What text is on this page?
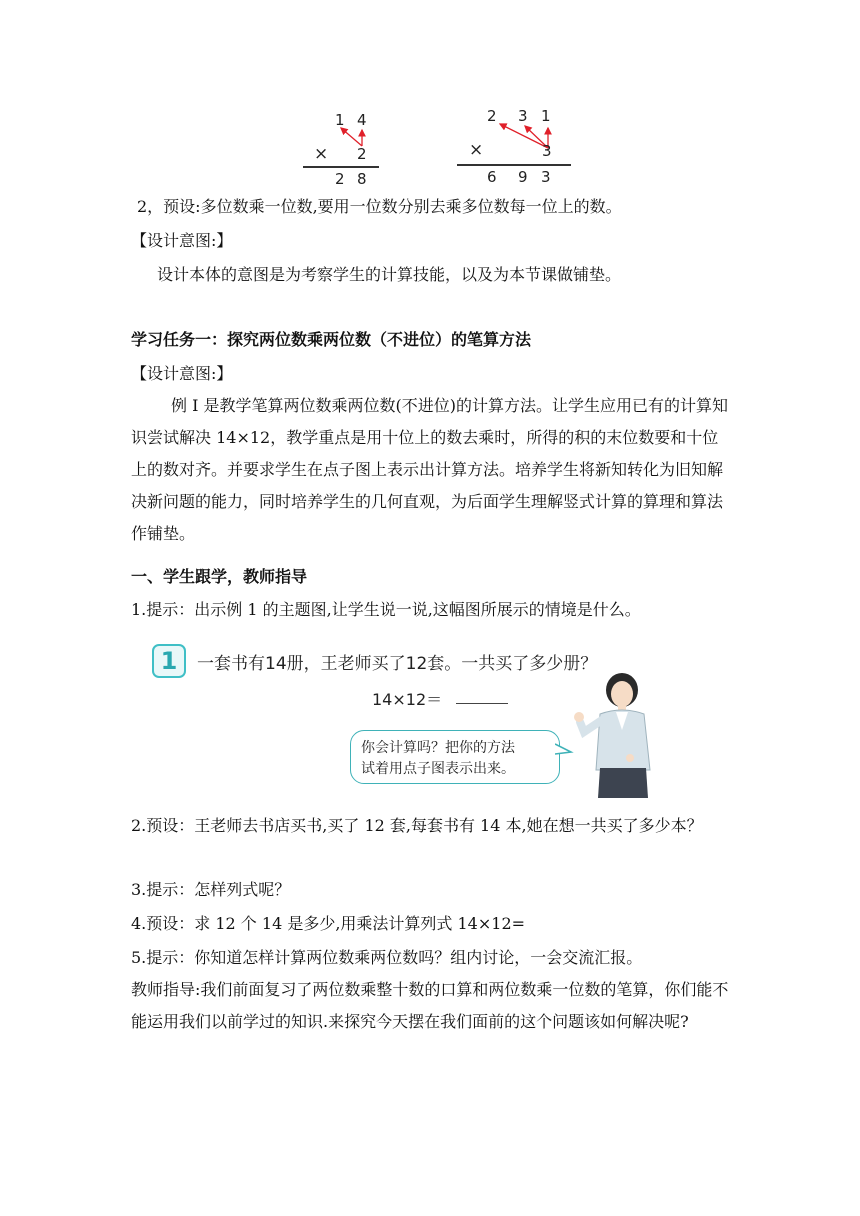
1 4
× 2
2 8
2 3 1
×	3
6 9 3
2，预设:多位数乘一位数,要用一位数分别去乘多位数每一位上的数。
【设计意图:】
设计本体的意图是为考察学生的计算技能，以及为本节课做铺垫。
学习任务一：探究两位数乘两位数（不进位）的笔算方法
【设计意图:】
例 I 是教学笔算两位数乘两位数(不进位)的计算方法。让学生应用已有的计算知识尝试解决 14×12，教学重点是用十位上的数去乘时，所得的积的末位数要和十位上的数对齐。并要求学生在点子图上表示出计算方法。培养学生将新知转化为旧知解决新问题的能力，同时培养学生的几何直观，为后面学生理解竖式计算的算理和算法作铺垫。
一、学生跟学，教师指导
1.提示：出示例 1 的主题图,让学生说一说,这幅图所展示的情境是什么。
1	一套书有14册，王老师买了12套。一共买了多少册？
14×12＝
你会计算吗？把你的方法
试着用点子图表示出来。
2.预设：王老师去书店买书,买了 12 套,每套书有 14 本,她在想一共买了多少本？
3.提示：怎样列式呢？
4.预设：求 12 个 14 是多少,用乘法计算列式 14×12=
5.提示：你知道怎样计算两位数乘两位数吗？组内讨论，一会交流汇报。
教师指导:我们前面复习了两位数乘整十数的口算和两位数乘一位数的笔算，你们能不能运用我们以前学过的知识.来探究今天摆在我们面前的这个问题该如何解决呢?
